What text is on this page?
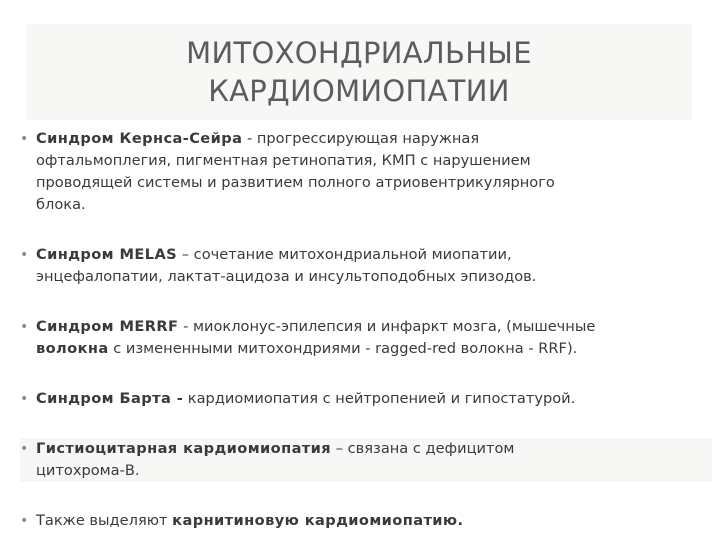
МИТОХОНДРИАЛЬНЫЕ
КАРДИОМИОПАТИИ
• Синдром Кернса-Сейра - прогрессирующая наружная
офтальмоплегия, пигментная ретинопатия, КМП с нарушением
проводящей системы и развитием полного атриовентрикулярного
блока.
• Синдром MELAS – сочетание митохондриальной миопатии,
энцефалопатии, лактат-ацидоза и инсультоподобных эпизодов.
• Синдром MERRF - миоклонус-эпилепсия и инфаркт мозга, (мышечные
волокна с измененными митохондриями - ragged-red волокна - RRF).
• Синдром Барта - кардиомиопатия с нейтропенией и гипостатурой.
• Гистиоцитарная кардиомиопатия – связана с дефицитом
цитохрома-B.
• Также выделяют карнитиновую кардиомиопатию.
